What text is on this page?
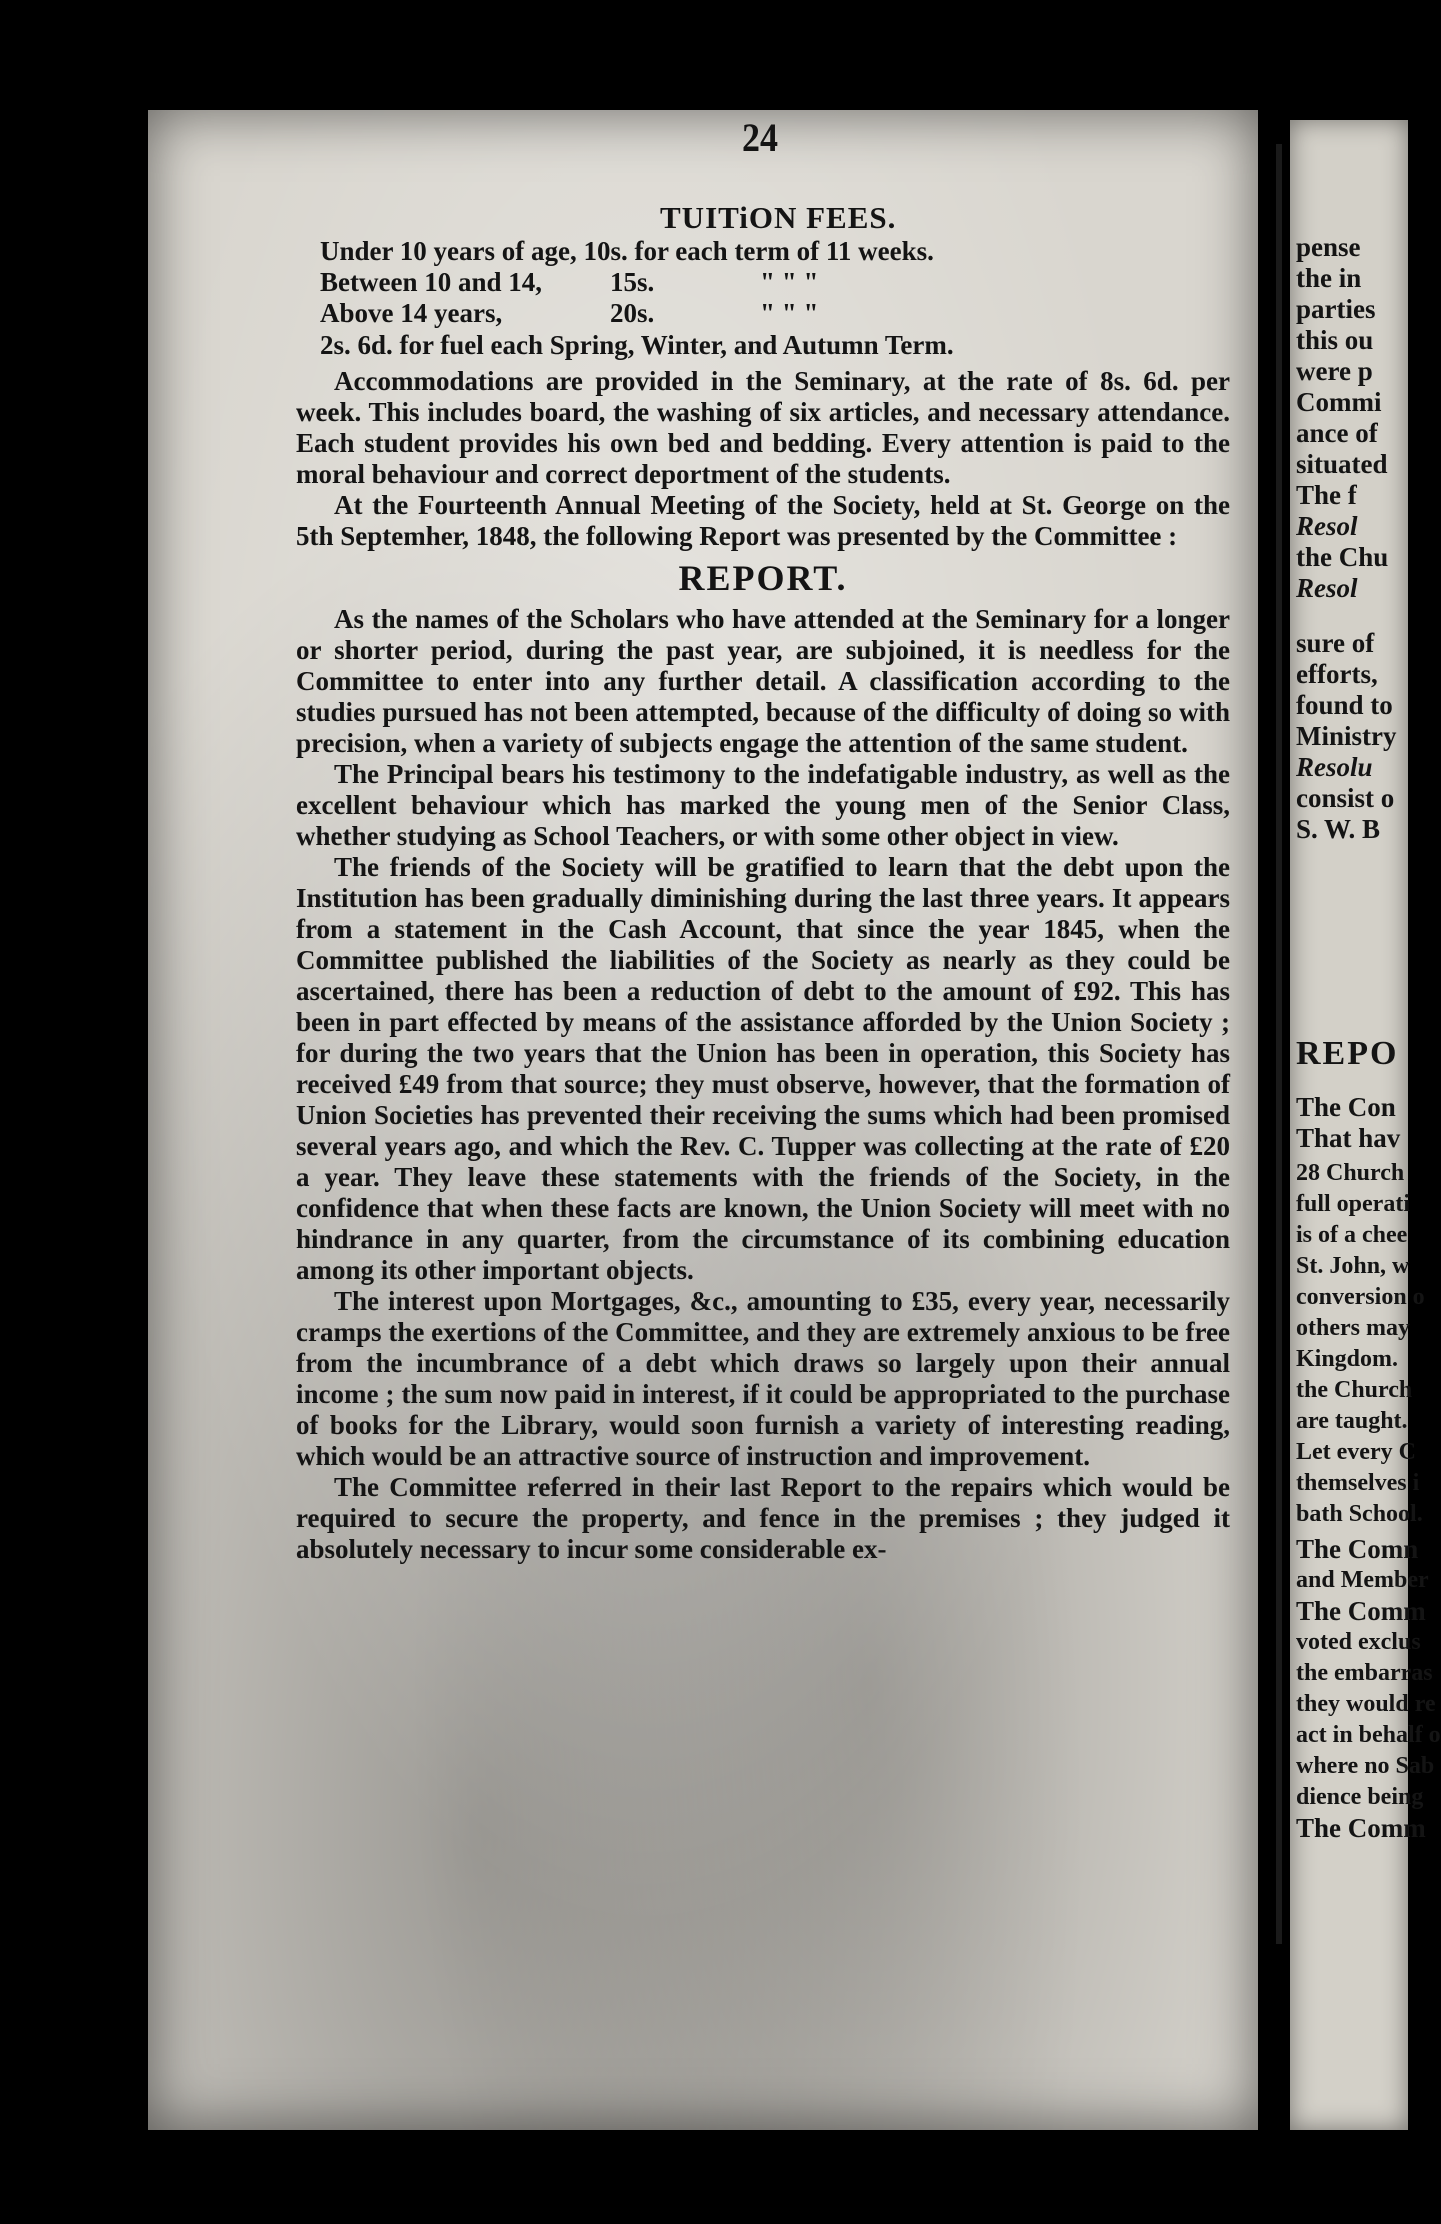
24
TUITiON FEES.
Under 10 years of age, 10s. for each term of 11 weeks.
Between 10 and 14,	15s.	" " "
Above 14 years,	20s.	" " "
2s. 6d. for fuel each Spring, Winter, and Autumn Term.

Accommodations are provided in the Seminary, at the rate of 8s. 6d. per week. This includes board, the washing of six articles, and necessary attendance. Each student provides his own bed and bedding. Every attention is paid to the moral behaviour and correct deportment of the students.

At the Fourteenth Annual Meeting of the Society, held at St. George on the 5th Septemher, 1848, the following Report was presented by the Committee :

REPORT.

As the names of the Scholars who have attended at the Seminary for a longer or shorter period, during the past year, are subjoined, it is needless for the Committee to enter into any further detail. A classification according to the studies pursued has not been attempted, because of the difficulty of doing so with precision, when a variety of subjects engage the attention of the same student.

The Principal bears his testimony to the indefatigable industry, as well as the excellent behaviour which has marked the young men of the Senior Class, whether studying as School Teachers, or with some other object in view.

The friends of the Society will be gratified to learn that the debt upon the Institution has been gradually diminishing during the last three years. It appears from a statement in the Cash Account, that since the year 1845, when the Committee published the liabilities of the Society as nearly as they could be ascertained, there has been a reduction of debt to the amount of £92. This has been in part effected by means of the assistance afforded by the Union Society ; for during the two years that the Union has been in operation, this Society has received £49 from that source; they must observe, however, that the formation of Union Societies has prevented their receiving the sums which had been promised several years ago, and which the Rev. C. Tupper was collecting at the rate of £20 a year. They leave these statements with the friends of the Society, in the confidence that when these facts are known, the Union Society will meet with no hindrance in any quarter, from the circumstance of its combining education among its other important objects.

The interest upon Mortgages, &c., amounting to £35, every year, necessarily cramps the exertions of the Committee, and they are extremely anxious to be free from the incumbrance of a debt which draws so largely upon their annual income ; the sum now paid in interest, if it could be appropriated to the purchase of books for the Library, would soon furnish a variety of interesting reading, which would be an attractive source of instruction and improvement.

The Committee referred in their last Report to the repairs which would be required to secure the property, and fence in the premises ; they judged it absolutely necessary to incur some considerable ex-

pense
the in
parties
this ou
were p
Commi
ance of
situated
The f
Resol
the Chu
Resol
sure of
efforts,
found to
Ministry
Resolu
consist o
S. W. B
REPO
The Con
That hav
28 Church
full operati
is of a chee
St. John, w
conversion o
others may
Kingdom.
the Church
are taught.
Let every C
themselves i
bath School.
The Comn
and Member
The Comm
voted exclus
the embarras
they would re
act in behalf o
where no Sab
dience being
The Comm
